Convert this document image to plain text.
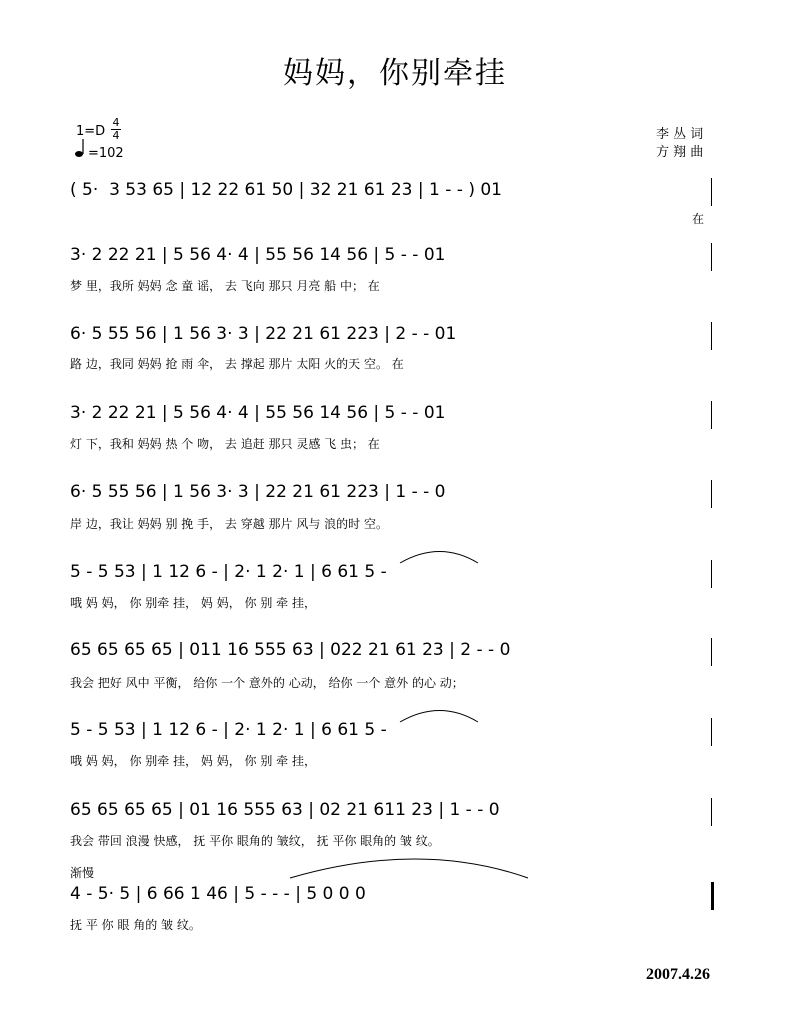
妈妈，你别牵挂
1=D
4
4
=102
李 丛 词
方 翔 曲
( 5·  3 53 65 | 12 22 61 50 | 32 21 61 23 | 1 - - ) 01
在
3· 2 22 21 | 5 56 4· 4 | 55 56 14 56 | 5 - - 01
梦 里，我所 妈妈 念 童 谣， 去 飞向 那只 月亮 船 中； 在
6· 5 55 56 | 1 56 3· 3 | 22 21 61 223 | 2 - - 01
路 边，我同 妈妈 抢 雨 伞， 去 撑起 那片 太阳 火的天 空。 在
3· 2 22 21 | 5 56 4· 4 | 55 56 14 56 | 5 - - 01
灯 下，我和 妈妈 热 个 吻， 去 追赶 那只 灵感 飞 虫； 在
6· 5 55 56 | 1 56 3· 3 | 22 21 61 223 | 1 - - 0
岸 边，我让 妈妈 别 挽 手， 去 穿越 那片 风与 浪的时 空。
5 - 5 53 | 1 12 6 - | 2· 1 2· 1 | 6 61 5 -
哦 妈 妈， 你 别牵 挂， 妈 妈， 你 别 牵 挂，
65 65 65 65 | 011 16 555 63 | 022 21 61 23 | 2 - - 0
我会 把好 风中 平衡， 给你 一个 意外的 心动， 给你 一个 意外 的心 动；
5 - 5 53 | 1 12 6 - | 2· 1 2· 1 | 6 61 5 -
哦 妈 妈， 你 别牵 挂， 妈 妈， 你 别 牵 挂，
65 65 65 65 | 01 16 555 63 | 02 21 611 23 | 1 - - 0
我会 带回 浪漫 快感， 抚 平你 眼角的 皱纹， 抚 平你 眼角的 皱 纹。
4 - 5· 5 | 6 66 1 46 | 5 - - - | 5 0 0 0
抚 平 你 眼 角的 皱 纹。
渐慢
2007.4.26
